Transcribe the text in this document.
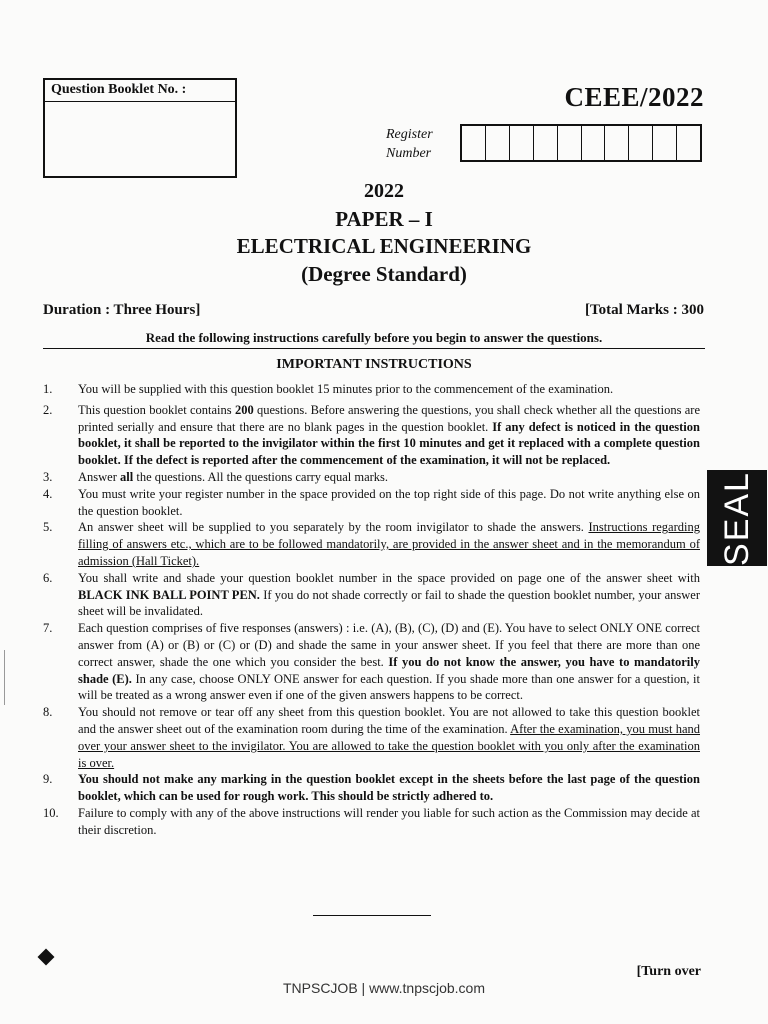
Question Booklet No. :	CEEE/2022
Register
Number
2022
PAPER – I
ELECTRICAL ENGINEERING
(Degree Standard)
Duration : Three Hours]	[Total Marks : 300
Read the following instructions carefully before you begin to answer the questions.
IMPORTANT INSTRUCTIONS
1.	You will be supplied with this question booklet 15 minutes prior to the commencement of the examination.
2.	This question booklet contains 200 questions. Before answering the questions, you shall check whether all the questions are printed serially and ensure that there are no blank pages in the question booklet. If any defect is noticed in the question booklet, it shall be reported to the invigilator within the first 10 minutes and get it replaced with a complete question booklet. If the defect is reported after the commencement of the examination, it will not be replaced.
3.	Answer all the questions. All the questions carry equal marks.
4.	You must write your register number in the space provided on the top right side of this page. Do not write anything else on the question booklet.
5.	An answer sheet will be supplied to you separately by the room invigilator to shade the answers. Instructions regarding filling of answers etc., which are to be followed mandatorily, are provided in the answer sheet and in the memorandum of admission (Hall Ticket).
6.	You shall write and shade your question booklet number in the space provided on page one of the answer sheet with BLACK INK BALL POINT PEN. If you do not shade correctly or fail to shade the question booklet number, your answer sheet will be invalidated.
7.	Each question comprises of five responses (answers) : i.e. (A), (B), (C), (D) and (E). You have to select ONLY ONE correct answer from (A) or (B) or (C) or (D) and shade the same in your answer sheet. If you feel that there are more than one correct answer, shade the one which you consider the best. If you do not know the answer, you have to mandatorily shade (E). In any case, choose ONLY ONE answer for each question. If you shade more than one answer for a question, it will be treated as a wrong answer even if one of the given answers happens to be correct.
8.	You should not remove or tear off any sheet from this question booklet. You are not allowed to take this question booklet and the answer sheet out of the examination room during the time of the examination. After the examination, you must hand over your answer sheet to the invigilator. You are allowed to take the question booklet with you only after the examination is over.
9.	You should not make any marking in the question booklet except in the sheets before the last page of the question booklet, which can be used for rough work. This should be strictly adhered to.
10.	Failure to comply with any of the above instructions will render you liable for such action as the Commission may decide at their discretion.
SEAL
[Turn over
TNPSCJOB | www.tnpscjob.com
